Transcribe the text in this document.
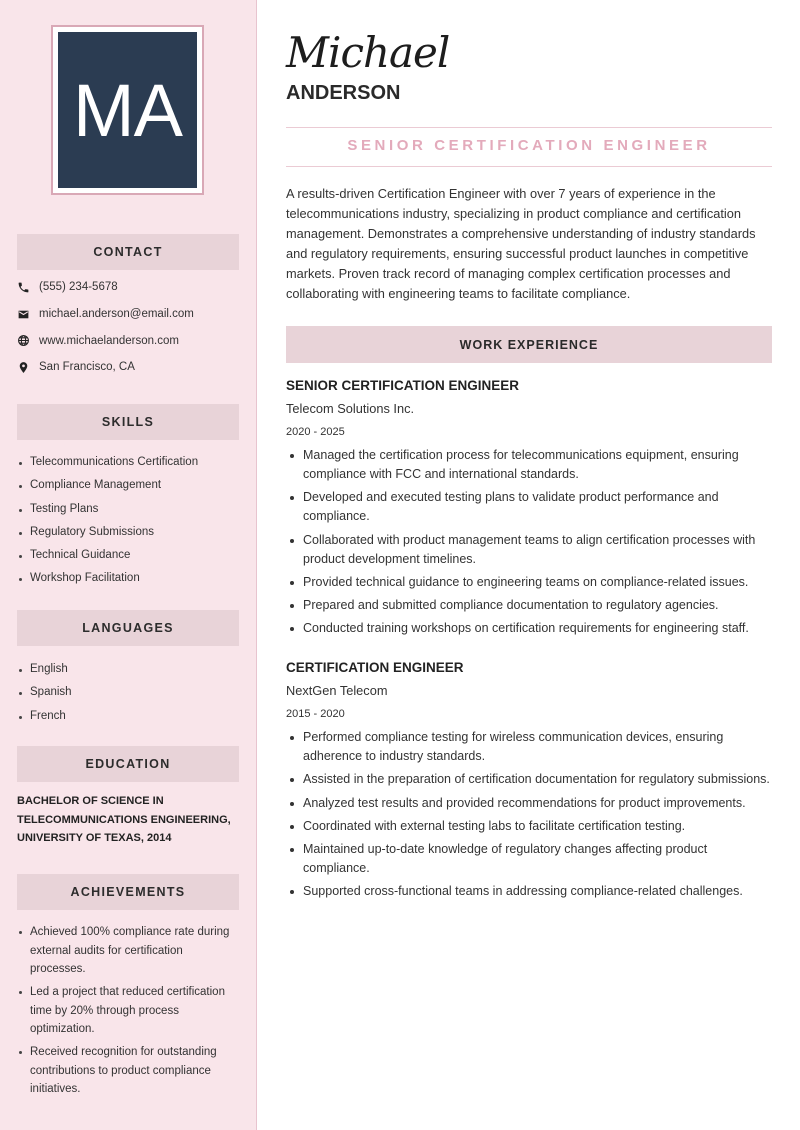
MA
CONTACT
(555) 234-5678
michael.anderson@email.com
www.michaelanderson.com
San Francisco, CA
SKILLS
Telecommunications Certification
Compliance Management
Testing Plans
Regulatory Submissions
Technical Guidance
Workshop Facilitation
LANGUAGES
English
Spanish
French
EDUCATION
BACHELOR OF SCIENCE IN TELECOMMUNICATIONS ENGINEERING, UNIVERSITY OF TEXAS, 2014
ACHIEVEMENTS
Achieved 100% compliance rate during external audits for certification processes.
Led a project that reduced certification time by 20% through process optimization.
Received recognition for outstanding contributions to product compliance initiatives.
Michael
ANDERSON
SENIOR CERTIFICATION ENGINEER
A results-driven Certification Engineer with over 7 years of experience in the telecommunications industry, specializing in product compliance and certification management. Demonstrates a comprehensive understanding of industry standards and regulatory requirements, ensuring successful product launches in competitive markets. Proven track record of managing complex certification processes and collaborating with engineering teams to facilitate compliance.
WORK EXPERIENCE
SENIOR CERTIFICATION ENGINEER
Telecom Solutions Inc.
2020 - 2025
Managed the certification process for telecommunications equipment, ensuring compliance with FCC and international standards.
Developed and executed testing plans to validate product performance and compliance.
Collaborated with product management teams to align certification processes with product development timelines.
Provided technical guidance to engineering teams on compliance-related issues.
Prepared and submitted compliance documentation to regulatory agencies.
Conducted training workshops on certification requirements for engineering staff.
CERTIFICATION ENGINEER
NextGen Telecom
2015 - 2020
Performed compliance testing for wireless communication devices, ensuring adherence to industry standards.
Assisted in the preparation of certification documentation for regulatory submissions.
Analyzed test results and provided recommendations for product improvements.
Coordinated with external testing labs to facilitate certification testing.
Maintained up-to-date knowledge of regulatory changes affecting product compliance.
Supported cross-functional teams in addressing compliance-related challenges.
